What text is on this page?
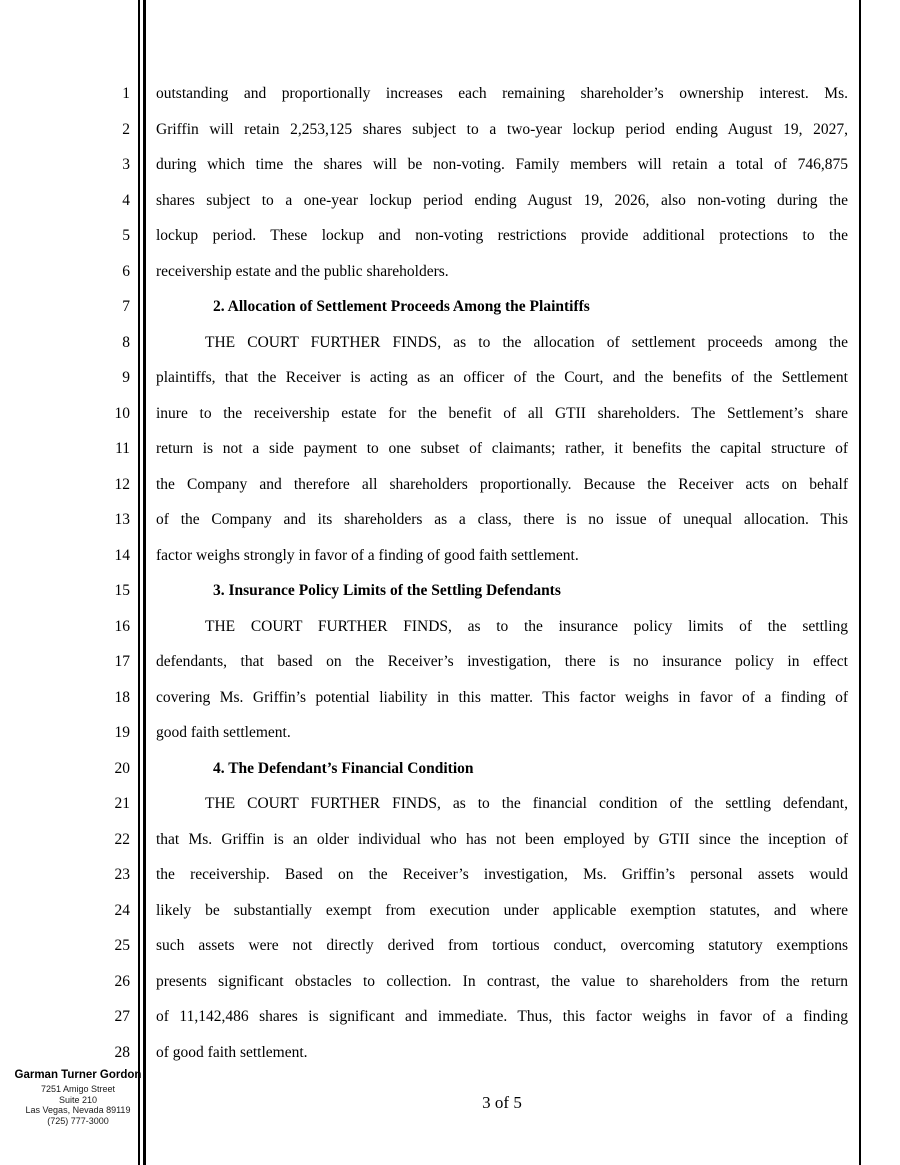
1
2
3
4
5
6
7
8
9
10
11
12
13
14
15
16
17
18
19
20
21
22
23
24
25
26
27
28
outstanding and proportionally increases each remaining shareholder’s ownership interest. Ms.
Griffin will retain 2,253,125 shares subject to a two-year lockup period ending August 19, 2027,
during which time the shares will be non-voting. Family members will retain a total of 746,875
shares subject to a one-year lockup period ending August 19, 2026, also non-voting during the
lockup period. These lockup and non-voting restrictions provide additional protections to the
receivership estate and the public shareholders.
2. Allocation of Settlement Proceeds Among the Plaintiffs
THE COURT FURTHER FINDS, as to the allocation of settlement proceeds among the
plaintiffs, that the Receiver is acting as an officer of the Court, and the benefits of the Settlement
inure to the receivership estate for the benefit of all GTII shareholders. The Settlement’s share
return is not a side payment to one subset of claimants; rather, it benefits the capital structure of
the Company and therefore all shareholders proportionally. Because the Receiver acts on behalf
of the Company and its shareholders as a class, there is no issue of unequal allocation. This
factor weighs strongly in favor of a finding of good faith settlement.
3. Insurance Policy Limits of the Settling Defendants
THE COURT FURTHER FINDS, as to the insurance policy limits of the settling
defendants, that based on the Receiver’s investigation, there is no insurance policy in effect
covering Ms. Griffin’s potential liability in this matter. This factor weighs in favor of a finding of
good faith settlement.
4. The Defendant’s Financial Condition
THE COURT FURTHER FINDS, as to the financial condition of the settling defendant,
that Ms. Griffin is an older individual who has not been employed by GTII since the inception of
the receivership. Based on the Receiver’s investigation, Ms. Griffin’s personal assets would
likely be substantially exempt from execution under applicable exemption statutes, and where
such assets were not directly derived from tortious conduct, overcoming statutory exemptions
presents significant obstacles to collection. In contrast, the value to shareholders from the return
of 11,142,486 shares is significant and immediate. Thus, this factor weighs in favor of a finding
of good faith settlement.
Garman Turner Gordon
7251 Amigo Street
Suite 210
Las Vegas, Nevada 89119
(725) 777-3000
3 of 5
